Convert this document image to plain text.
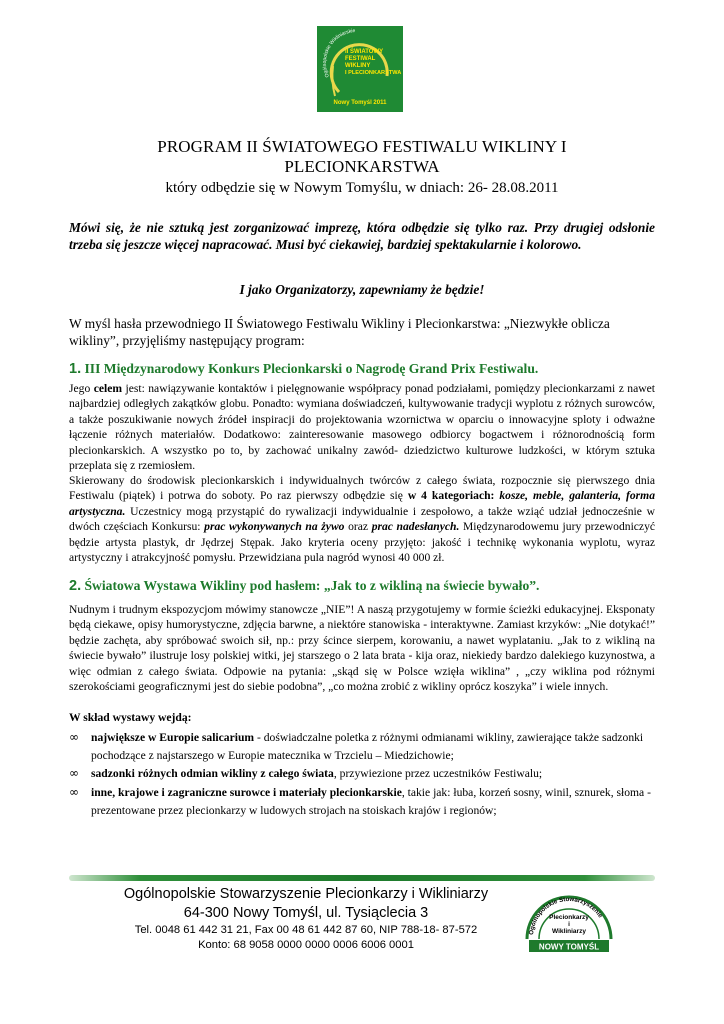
Ogólnopolskie Wikliniarskie
II ŚWIATOWY
FESTIWAL
WIKLINY
I PLECIONKARSTWA
Nowy Tomyśl 2011
PROGRAM II ŚWIATOWEGO FESTIWALU WIKLINY I PLECIONKARSTWA
który odbędzie się w Nowym Tomyślu, w dniach: 26- 28.08.2011
Mówi się, że nie sztuką jest zorganizować imprezę, która odbędzie się tylko raz. Przy drugiej odsłonie trzeba się jeszcze więcej napracować. Musi być ciekawiej, bardziej spektakularnie i kolorowo.
I jako Organizatorzy, zapewniamy że będzie!
W myśl hasła przewodniego II Światowego Festiwalu Wikliny i Plecionkarstwa: „Niezwykłe oblicza wikliny”, przyjęliśmy następujący program:
1. III Międzynarodowy Konkurs Plecionkarski o Nagrodę Grand Prix Festiwalu.
Jego celem jest: nawiązywanie kontaktów i pielęgnowanie współpracy ponad podziałami, pomiędzy plecionkarzami z nawet najbardziej odległych zakątków globu. Ponadto: wymiana doświadczeń, kultywowanie tradycji wyplotu z różnych surowców, a także poszukiwanie nowych źródeł inspiracji do projektowania wzornictwa w oparciu o innowacyjne sploty i odważne łączenie różnych materiałów. Dodatkowo: zainteresowanie masowego odbiorcy bogactwem i różnorodnością form plecionkarskich. A wszystko po to, by zachować unikalny zawód- dziedzictwo kulturowe ludzkości, w którym sztuka przeplata się z rzemiosłem.
Skierowany do środowisk plecionkarskich i indywidualnych twórców z całego świata, rozpocznie się pierwszego dnia Festiwalu (piątek) i potrwa do soboty. Po raz pierwszy odbędzie się w 4 kategoriach: kosze, meble, galanteria, forma artystyczna. Uczestnicy mogą przystąpić do rywalizacji indywidualnie i zespołowo, a także wziąć udział jednocześnie w dwóch częściach Konkursu: prac wykonywanych na żywo oraz prac nadesłanych. Międzynarodowemu jury przewodniczyć będzie artysta plastyk, dr Jędrzej Stępak. Jako kryteria oceny przyjęto: jakość i technikę wykonania wyplotu, wyraz artystyczny i atrakcyjność pomysłu. Przewidziana pula nagród wynosi 40 000 zł.
2. Światowa Wystawa Wikliny pod hasłem: „Jak to z wikliną na świecie bywało”.
Nudnym i trudnym ekspozycjom mówimy stanowcze „NIE”! A naszą przygotujemy w formie ścieżki edukacyjnej. Eksponaty będą ciekawe, opisy humorystyczne, zdjęcia barwne, a niektóre stanowiska - interaktywne. Zamiast krzyków: „Nie dotykać!” będzie zachęta, aby spróbować swoich sił, np.: przy ścince sierpem, korowaniu, a nawet wyplataniu. „Jak to z wikliną na świecie bywało” ilustruje losy polskiej witki, jej starszego o 2 lata brata - kija oraz, niekiedy bardzo dalekiego kuzynostwa, a więc odmian z całego świata. Odpowie na pytania: „skąd się w Polsce wzięła wiklina” , „czy wiklina pod różnymi szerokościami geograficznymi jest do siebie podobna”, „co można zrobić z wikliny oprócz koszyka” i wiele innych.
W skład wystawy wejdą:
∞ największe w Europie salicarium - doświadczalne poletka z różnymi odmianami wikliny, zawierające także sadzonki pochodzące z najstarszego w Europie matecznika w Trzcielu – Miedzichowie;
∞ sadzonki różnych odmian wikliny z całego świata, przywiezione przez uczestników Festiwalu;
∞ inne, krajowe i zagraniczne surowce i materiały plecionkarskie, takie jak: łuba, korzeń sosny, winil, sznurek, słoma - prezentowane przez plecionkarzy w ludowych strojach na stoiskach krajów i regionów;
Ogólnopolskie Stowarzyszenie Plecionkarzy i Wikliniarzy
64-300 Nowy Tomyśl, ul. Tysiąclecia 3
Tel. 0048 61 442 31 21, Fax 00 48 61 442 87 60, NIP 788-18- 87-572
Konto: 68 9058 0000 0000 0006 6006 0001
Ogólnopolskie Stowarzyszenie
Plecionkarzy
i
Wikliniarzy
NOWY TOMYŚL
